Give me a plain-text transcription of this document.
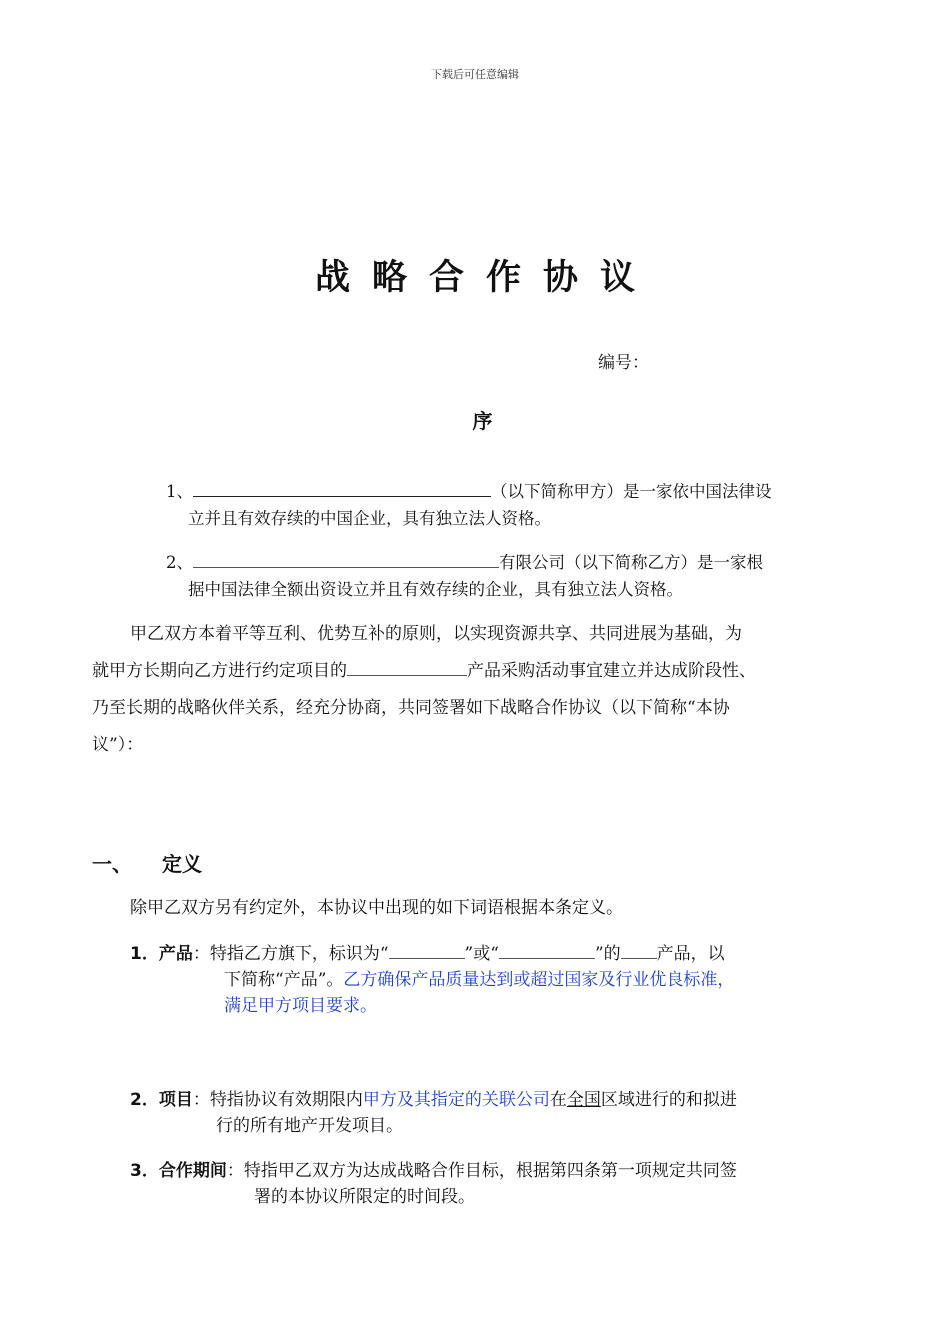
下载后可任意编辑
战略合作协议
编号：
序
1、	（以下简称甲方）是一家依中国法律设
立并且有效存续的中国企业，具有独立法人资格。
2、	有限公司（以下简称乙方）是一家根
据中国法律全额出资设立并且有效存续的企业，具有独立法人资格。
甲乙双方本着平等互利、优势互补的原则，以实现资源共享、共同进展为基础，为
就甲方长期向乙方进行约定项目的	产品采购活动事宜建立并达成阶段性、
乃至长期的战略伙伴关系，经充分协商，共同签署如下战略合作协议（以下简称“本协
议”）：
一、 定义
除甲乙双方另有约定外，本协议中出现的如下词语根据本条定义。
1．产品：特指乙方旗下，标识为“	”或“	”的 产品，以
下简称“产品”。乙方确保产品质量达到或超过国家及行业优良标准，
满足甲方项目要求。
2．项目：特指协议有效期限内甲方及其指定的关联公司在全国区域进行的和拟进
行的所有地产开发项目。
3．合作期间：特指甲乙双方为达成战略合作目标，根据第四条第一项规定共同签
署的本协议所限定的时间段。
